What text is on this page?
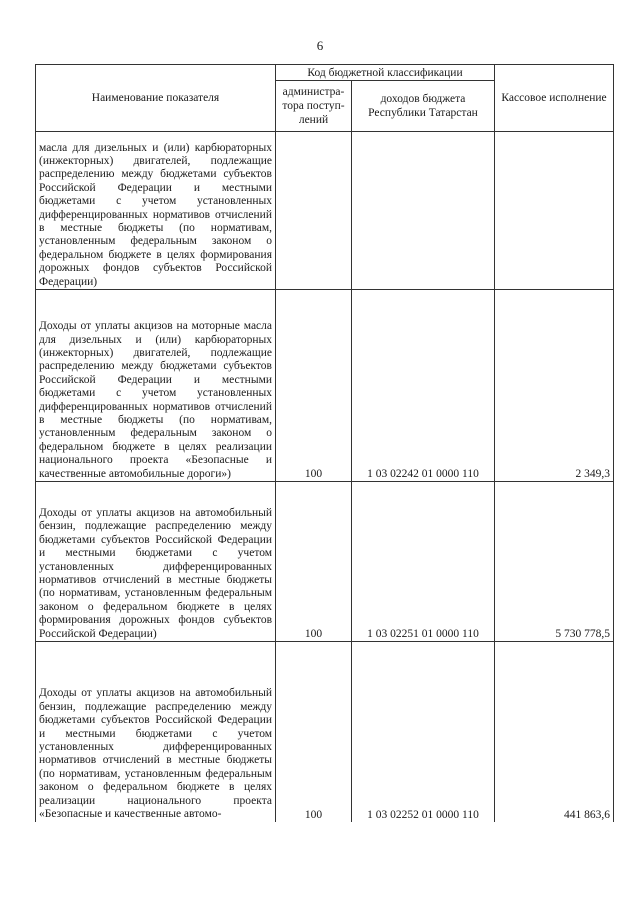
6
Наименование показателя	Код бюджетной классификации		Кассовое исполнение
	администра-тора поступ-лений	доходов бюджета Республики Татарстан	
масла для дизельных и (или) карбюраторных (инжекторных) двигателей, подлежащие распределению между бюджетами субъектов Российской Федерации и местными бюджетами с учетом установленных дифференцированных нормативов отчислений в местные бюджеты (по нормативам, установленным федеральным законом о федеральном бюджете в целях формирования дорожных фондов субъектов Российской Федерации)			
Доходы от уплаты акцизов на моторные масла для дизельных и (или) карбюраторных (инжекторных) двигателей, подлежащие распределению между бюджетами субъектов Российской Федерации и местными бюджетами с учетом установленных дифференцированных нормативов отчислений в местные бюджеты (по нормативам, установленным федеральным законом о федеральном бюджете в целях реализации национального проекта «Безопасные и качественные автомобильные дороги»)	100	1 03 02242 01 0000 110	2 349,3
Доходы от уплаты акцизов на автомобильный бензин, подлежащие распределению между бюджетами субъектов Российской Федерации и местными бюджетами с учетом установленных дифференцированных нормативов отчислений в местные бюджеты (по нормативам, установленным федеральным законом о федеральном бюджете в целях формирования дорожных фондов субъектов Российской Федерации)	100	1 03 02251 01 0000 110	5 730 778,5
Доходы от уплаты акцизов на автомобильный бензин, подлежащие распределению между бюджетами субъектов Российской Федерации и местными бюджетами с учетом установленных дифференцированных нормативов отчислений в местные бюджеты (по нормативам, установленным федеральным законом о федеральном бюджете в целях реализации национального проекта «Безопасные и качественные автомо-	100	1 03 02252 01 0000 110	441 863,6
